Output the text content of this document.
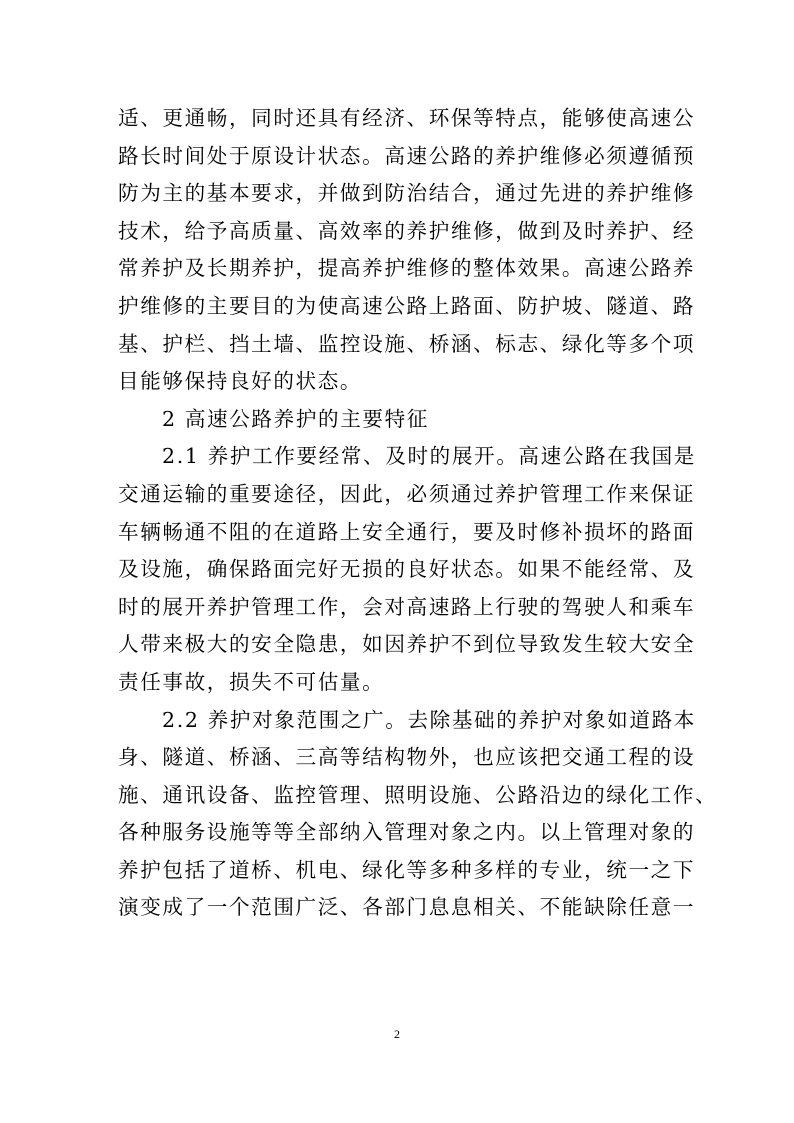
适、更通畅，同时还具有经济、环保等特点，能够使高速公
路长时间处于原设计状态。高速公路的养护维修必须遵循预
防为主的基本要求，并做到防治结合，通过先进的养护维修
技术，给予高质量、高效率的养护维修，做到及时养护、经
常养护及长期养护，提高养护维修的整体效果。高速公路养
护维修的主要目的为使高速公路上路面、防护坡、隧道、路
基、护栏、挡土墙、监控设施、桥涵、标志、绿化等多个项
目能够保持良好的状态。
2 高速公路养护的主要特征
2.1 养护工作要经常、及时的展开。高速公路在我国是
交通运输的重要途径，因此，必须通过养护管理工作来保证
车辆畅通不阻的在道路上安全通行，要及时修补损坏的路面
及设施，确保路面完好无损的良好状态。如果不能经常、及
时的展开养护管理工作，会对高速路上行驶的驾驶人和乘车
人带来极大的安全隐患，如因养护不到位导致发生较大安全
责任事故，损失不可估量。
2.2 养护对象范围之广。去除基础的养护对象如道路本
身、隧道、桥涵、三高等结构物外，也应该把交通工程的设
施、通讯设备、监控管理、照明设施、公路沿边的绿化工作、
各种服务设施等等全部纳入管理对象之内。以上管理对象的
养护包括了道桥、机电、绿化等多种多样的专业，统一之下
演变成了一个范围广泛、各部门息息相关、不能缺除任意一
2
